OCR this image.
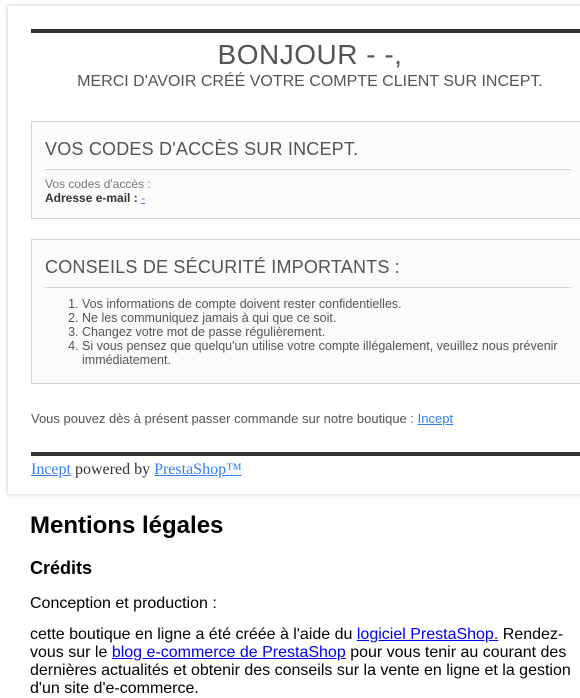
BONJOUR - -,
MERCI D'AVOIR CRÉÉ VOTRE COMPTE CLIENT SUR INCEPT.
VOS CODES D'ACCÈS SUR INCEPT.
Vos codes d'accès :
Adresse e-mail : -
CONSEILS DE SÉCURITÉ IMPORTANTS :
1. Vos informations de compte doivent rester confidentielles.
2. Ne les communiquez jamais à qui que ce soit.
3. Changez votre mot de passe régulièrement.
4. Si vous pensez que quelqu'un utilise votre compte illégalement, veuillez nous prévenir immédiatement.
Vous pouvez dès à présent passer commande sur notre boutique : Incept
Incept powered by PrestaShop™
Mentions légales
Crédits
Conception et production :
cette boutique en ligne a été créée à l'aide du logiciel PrestaShop. Rendez-vous sur le blog e-commerce de PrestaShop pour vous tenir au courant des dernières actualités et obtenir des conseils sur la vente en ligne et la gestion d'un site d'e-commerce.
